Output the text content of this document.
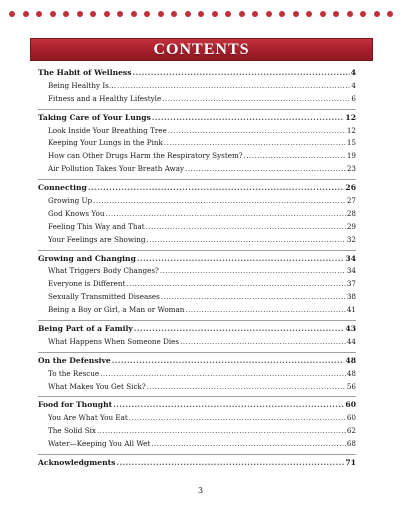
CONTENTS
The Habit of Wellness .....	4
Being Healthy Is… .....	4
Fitness and a Healthy Lifestyle .....	6
Taking Care of Your Lungs .....	12
Look Inside Your Breathing Tree .....	12
Keeping Your Lungs in the Pink .....	15
How can Other Drugs Harm the Respiratory System? .....	19
Air Pollution Takes Your Breath Away .....	23
Connecting .....	26
Growing Up .....	27
God Knows You .....	28
Feeling This Way and That .....	29
Your Feelings are Showing .....	32
Growing and Changing .....	34
What Triggers Body Changes? .....	34
Everyone is Different .....	37
Sexually Transmitted Diseases .....	38
Being a Boy or Girl, a Man or Woman .....	41
Being Part of a Family .....	43
What Happens When Someone Dies .....	44
On the Defensive .....	48
To the Rescue .....	48
What Makes You Get Sick? .....	56
Food for Thought .....	60
You Are What You Eat .....	60
The Solid Six .....	62
Water—Keeping You All Wet .....	68
Acknowledgments .....	71
3
